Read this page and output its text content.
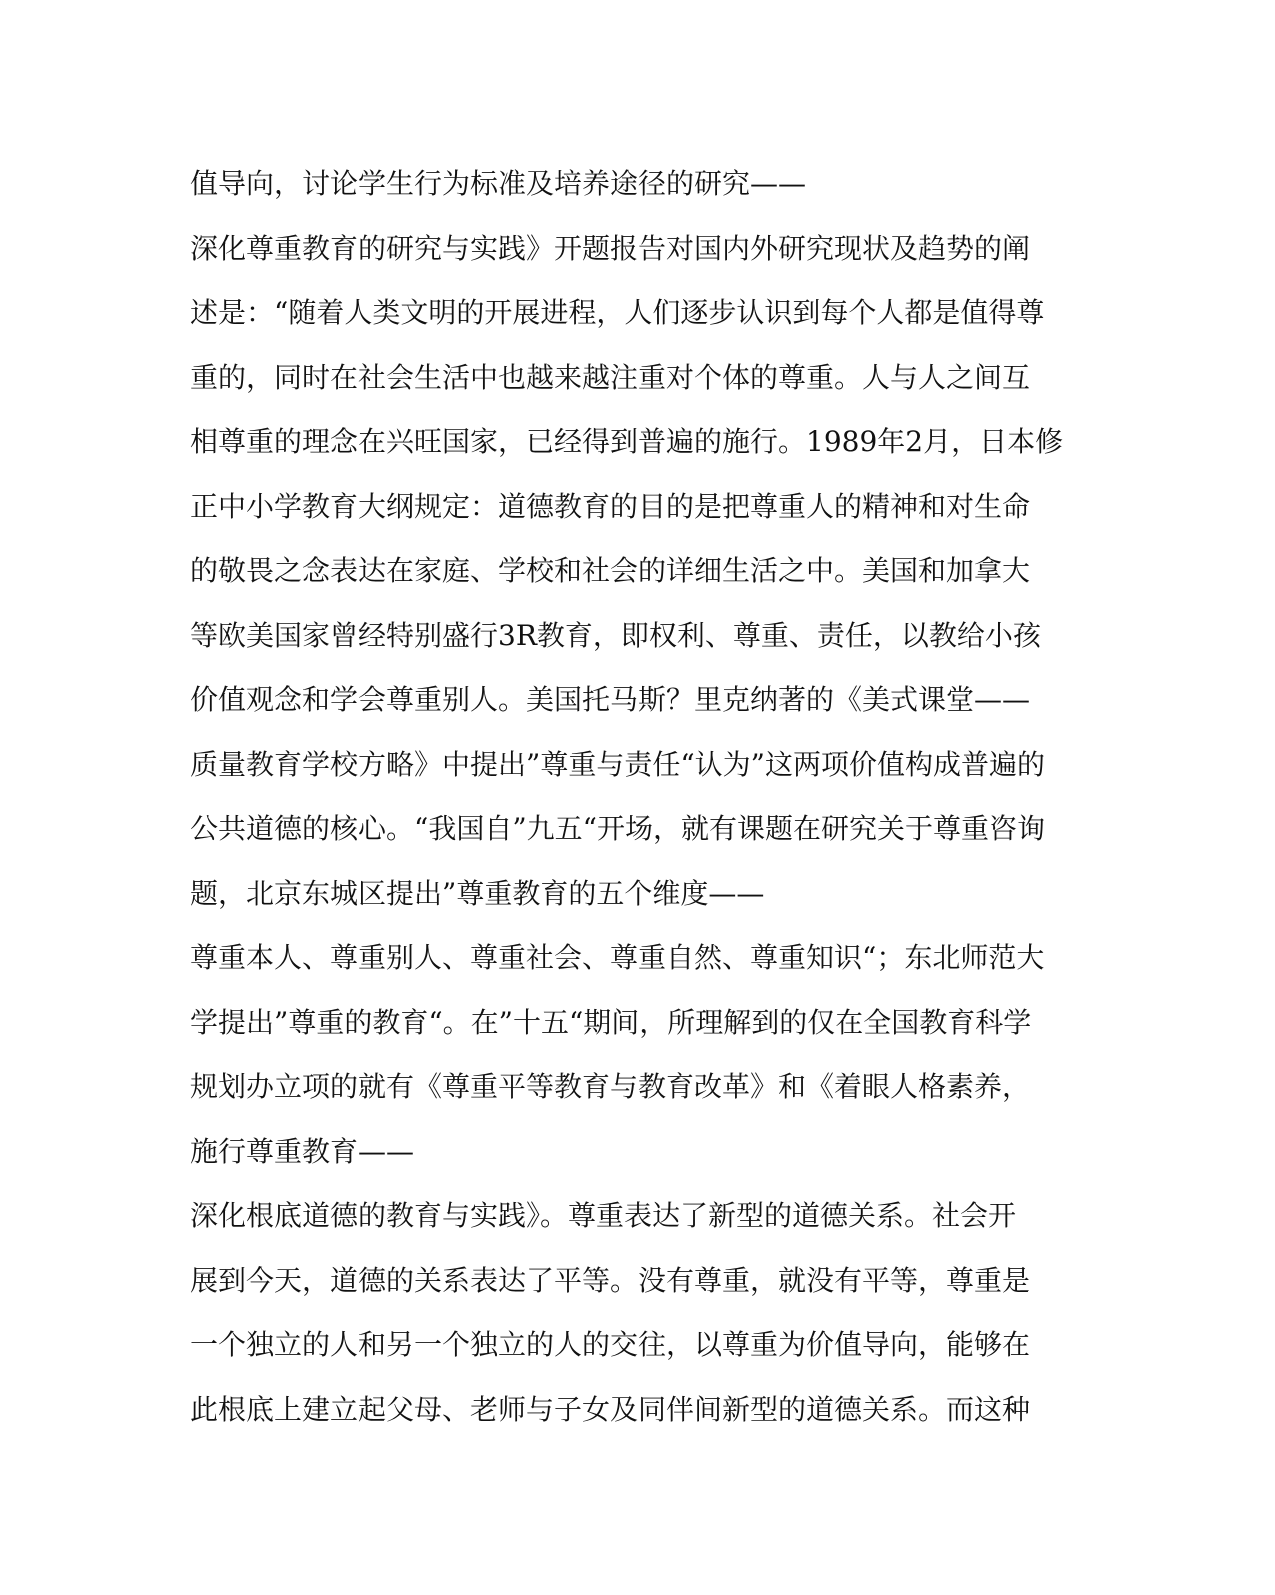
值导向，讨论学生行为标准及培养途径的研究——
深化尊重教育的研究与实践》开题报告对国内外研究现状及趋势的阐
述是：“随着人类文明的开展进程，人们逐步认识到每个人都是值得尊
重的，同时在社会生活中也越来越注重对个体的尊重。人与人之间互
相尊重的理念在兴旺国家，已经得到普遍的施行。1989年2月，日本修
正中小学教育大纲规定：道德教育的目的是把尊重人的精神和对生命
的敬畏之念表达在家庭、学校和社会的详细生活之中。美国和加拿大
等欧美国家曾经特别盛行3R教育，即权利、尊重、责任，以教给小孩
价值观念和学会尊重别人。美国托马斯？里克纳著的《美式课堂——
质量教育学校方略》中提出”尊重与责任“认为”这两项价值构成普遍的
公共道德的核心。“我国自”九五“开场，就有课题在研究关于尊重咨询
题，北京东城区提出”尊重教育的五个维度——
尊重本人、尊重别人、尊重社会、尊重自然、尊重知识“；东北师范大
学提出”尊重的教育“。在”十五“期间，所理解到的仅在全国教育科学
规划办立项的就有《尊重平等教育与教育改革》和《着眼人格素养，
施行尊重教育——
深化根底道德的教育与实践》。尊重表达了新型的道德关系。社会开
展到今天，道德的关系表达了平等。没有尊重，就没有平等，尊重是
一个独立的人和另一个独立的人的交往，以尊重为价值导向，能够在
此根底上建立起父母、老师与子女及同伴间新型的道德关系。而这种
